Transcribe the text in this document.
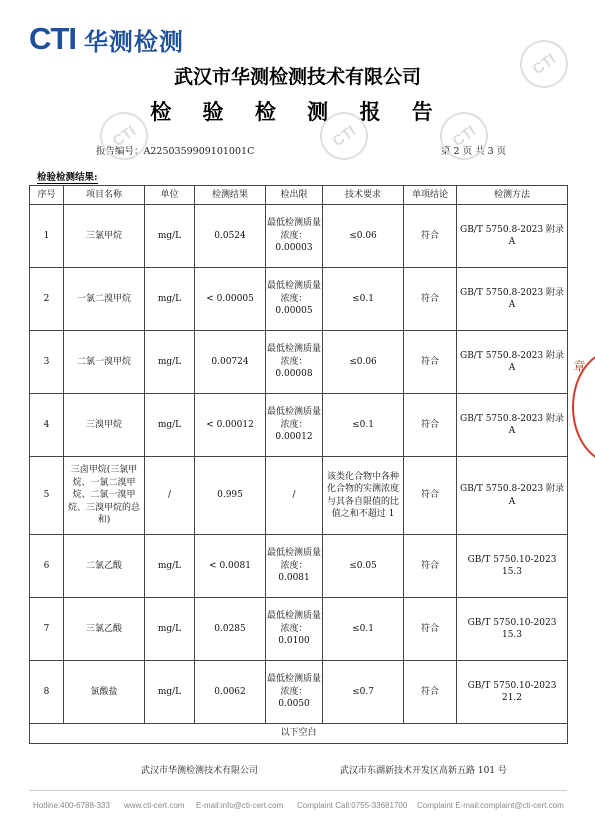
CTI 华测检测
武汉市华测检测技术有限公司
检 验 检 测 报 告
报告编号：A2250359909101001C	第 2 页 共 3 页
检验检测结果:
CTI
CTI	CTI	CTI
序号	项目名称	单位	检测结果	检出限	技术要求	单项结论	检测方法
1	三氯甲烷	mg/L	0.0524	最低检测质量浓度：0.00003	≤0.06	符合	GB/T 5750.8-2023 附录 A
2	一氯二溴甲烷	mg/L	< 0.00005	最低检测质量浓度：0.00005	≤0.1	符合	GB/T 5750.8-2023 附录 A
3	二氯一溴甲烷	mg/L	0.00724	最低检测质量浓度：0.00008	≤0.06	符合	GB/T 5750.8-2023 附录 A
4	三溴甲烷	mg/L	< 0.00012	最低检测质量浓度：0.00012	≤0.1	符合	GB/T 5750.8-2023 附录 A
5	三卤甲烷(三氯甲烷、一氯二溴甲烷、二氯一溴甲烷、三溴甲烷的总和)	/	0.995	/	该类化合物中各种化合物的实测浓度与其各自限值的比值之和不超过 1	符合	GB/T 5750.8-2023 附录 A
6	二氯乙酸	mg/L	< 0.0081	最低检测质量浓度：0.0081	≤0.05	符合	GB/T 5750.10-2023 15.3
7	三氯乙酸	mg/L	0.0285	最低检测质量浓度：0.0100	≤0.1	符合	GB/T 5750.10-2023 15.3
8	氯酸盐	mg/L	0.0062	最低检测质量浓度：0.0050	≤0.7	符合	GB/T 5750.10-2023 21.2
以下空白							
章
武汉市华测检测技术有限公司	武汉市东湖新技术开发区高新五路 101 号
Hotline:400-6788-333 www.cti-cert.com E-mail:info@cti-cert.com Complaint Call:0755-33681700 Complaint E-mail:complaint@cti-cert.com
